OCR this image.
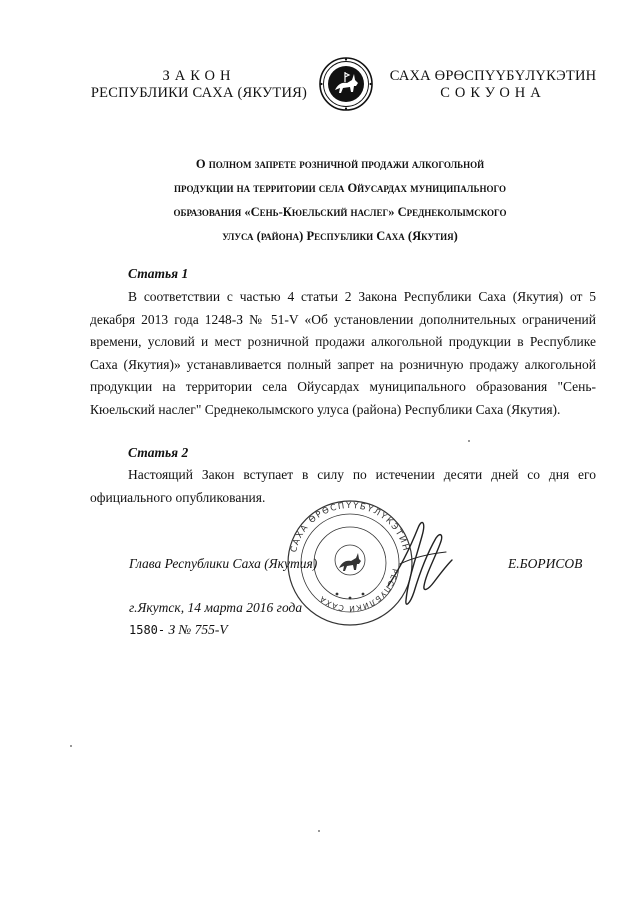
ЗАКОН
РЕСПУБЛИКИ САХА (ЯКУТИЯ)
САХА ӨРӨСПҮҮБҮЛҮКЭТИН
СОКУОНА
О полном запрете розничной продажи алкогольной
продукции на территории села Ойусардах муниципального
образования «Сень-Кюельский наслег» Среднеколымского
улуса (района) Республики Саха (Якутия)
Статья 1

В соответствии с частью 4 статьи 2 Закона Республики Саха (Якутия) от 5 декабря 2013 года 1248-З № 51-V «Об установлении дополнительных ограничений времени, условий и мест розничной продажи алкогольной продукции в Республике Саха (Якутия)» устанавливается полный запрет на розничную продажу алкогольной продукции на территории села Ойусардах муниципального образования "Сень-Кюельский наслег" Среднеколымского улуса (района) Республики Саха (Якутия).

Статья 2

Настоящий Закон вступает в силу по истечении десяти дней со дня его официального опубликования.

САХА ӨРӨСПҮҮБҮЛҮКЭТИН
РЕСПУБЛИКИ САХА
Глава Республики Саха (Якутия)	Е.БОРИСОВ
г.Якутск, 14 марта 2016 года
1580- З № 755-V
